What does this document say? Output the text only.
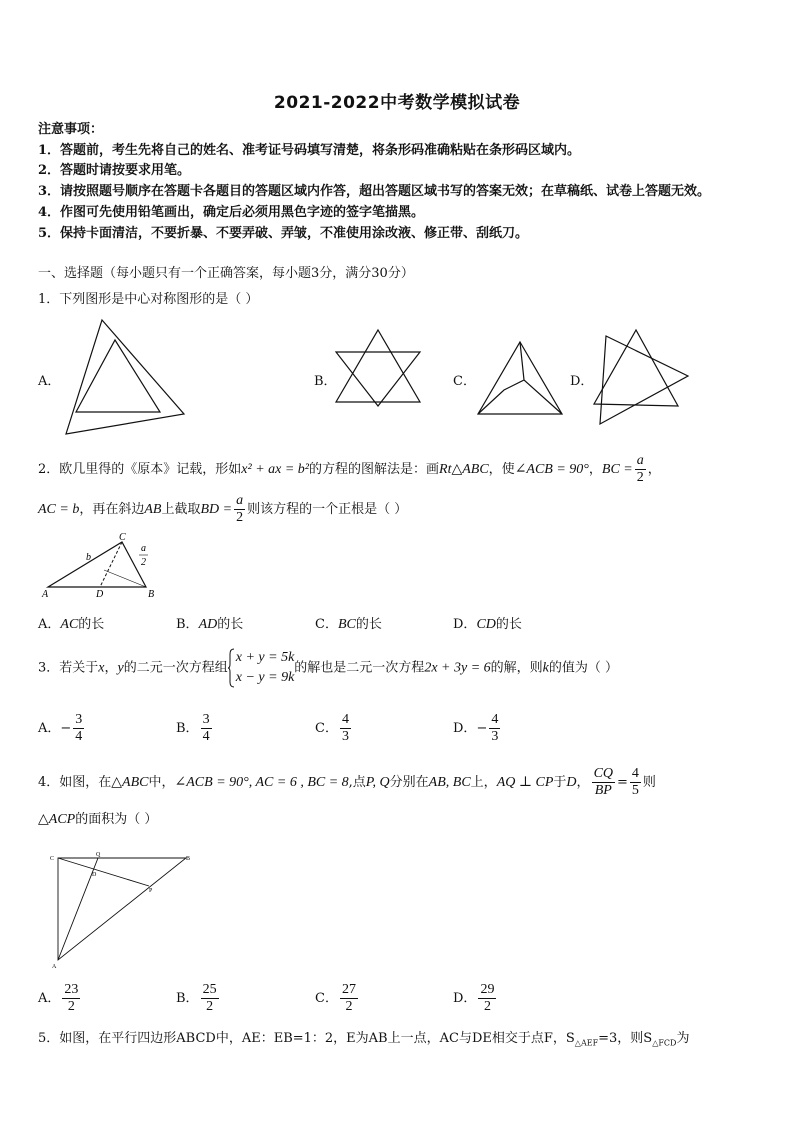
2021-2022中考数学模拟试卷
注意事项：
1．答题前，考生先将自己的姓名、准考证号码填写清楚，将条形码准确粘贴在条形码区域内。
2．答题时请按要求用笔。
3．请按照题号顺序在答题卡各题目的答题区域内作答，超出答题区域书写的答案无效；在草稿纸、试卷上答题无效。
4．作图可先使用铅笔画出，确定后必须用黑色字迹的签字笔描黑。
5．保持卡面清洁，不要折暴、不要弄破、弄皱，不准使用涂改液、修正带、刮纸刀。
一、选择题（每小题只有一个正确答案，每小题3分，满分30分）
1．下列图形是中心对称图形的是（ ）
A．	B．	C．	D．
2．欧几里得的《原本》记载，形如x² + ax = b²的方程的图解法是：画Rt△ABC，使∠ACB = 90°，BC = $\frac{a}{2}$ ，
AC = b，再在斜边AB上截取BD = $\frac{a}{2}$ 则该方程的一个正根是（ ）
C
A	D	B
b
a
2
A．AC的长	B．AD的长	C．BC的长	D．CD的长
3．若关于x，y的二元一次方程组
x + y = 5k
x − y = 9k
的解也是二元一次方程2x + 3y = 6的解，则k的值为（ ）
A．− $\frac{3}{4}$	B． $\frac{3}{4}$	C． $\frac{4}{3}$	D．− $\frac{4}{3}$
4．如图，在△ABC中，∠ACB = 90°, AC = 6 , BC = 8,点P, Q分别在AB, BC上，AQ ⊥ CP于D， $\frac{CQ}{BP} = \frac{4}{5}$ 则
△ACP的面积为（ ）
C
Q
B
D
P
A
A． $\frac{23}{2}$	B． $\frac{25}{2}$	C． $\frac{27}{2}$	D． $\frac{29}{2}$
5．如图，在平行四边形ABCD中，AE：EB=1：2，E为AB上一点，AC与DE相交于点F，$S_{\triangle AEF}=3$，则$S_{\triangle FCD}$为
